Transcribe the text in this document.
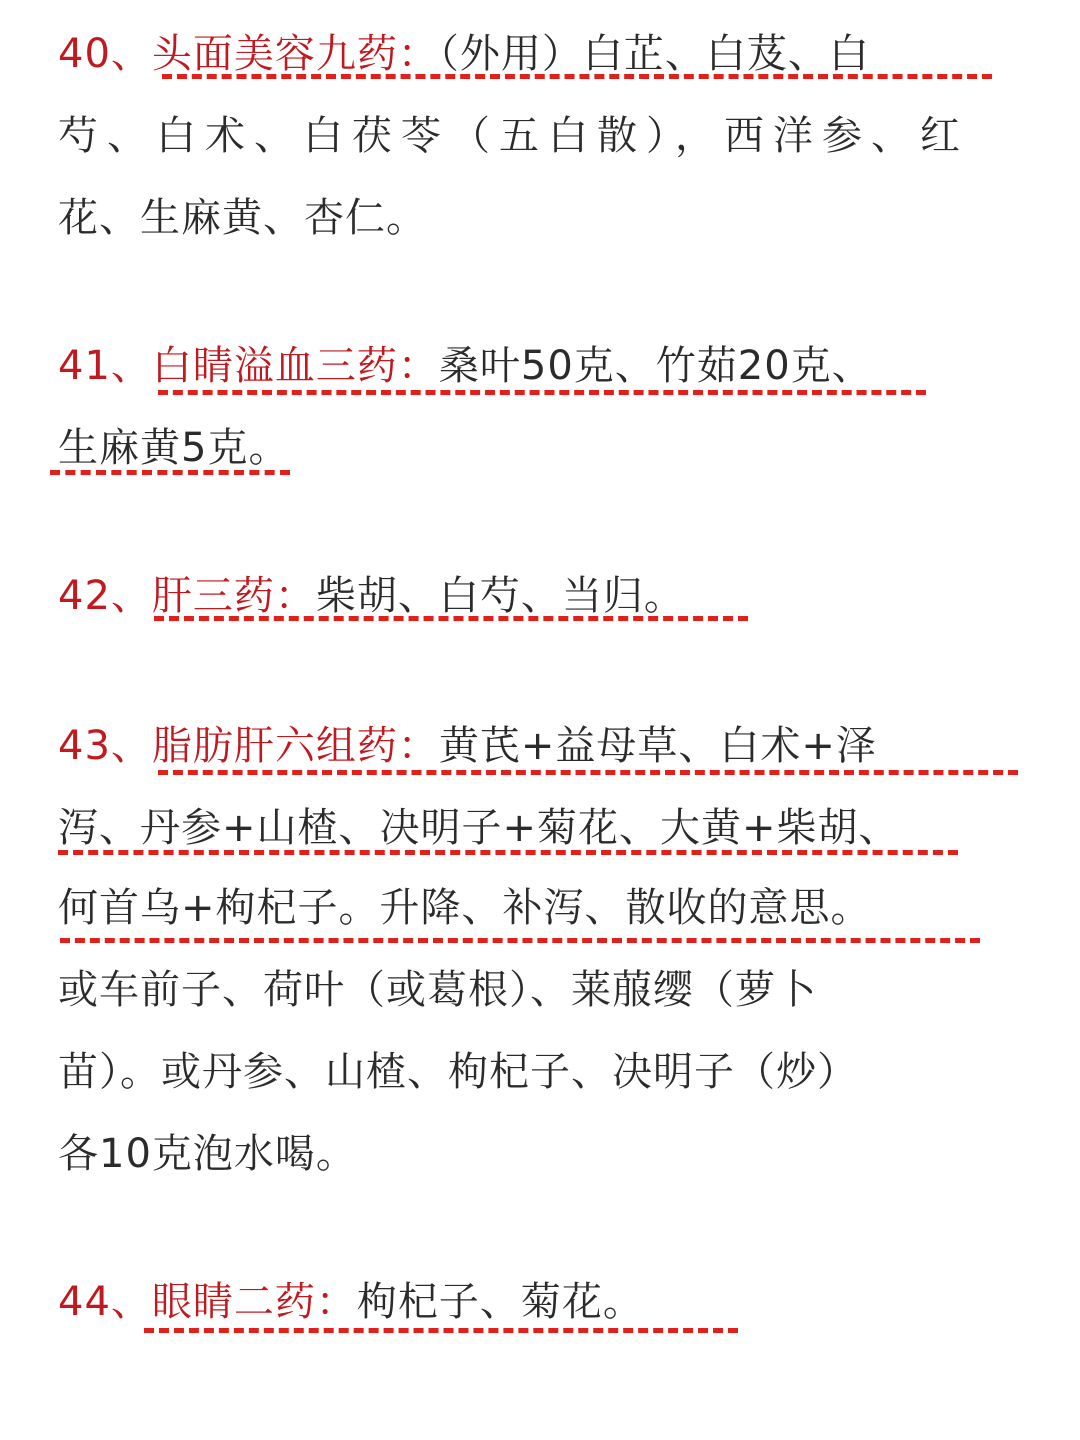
40、头面美容九药：（外用）白芷、白芨、白
芍、白术、白茯苓（五白散），西洋参、红
花、生麻黄、杏仁。
41、白睛溢血三药：桑叶50克、竹茹20克、
生麻黄5克。
42、肝三药：柴胡、白芍、当归。
43、脂肪肝六组药：黄芪+益母草、白术+泽
泻、丹参+山楂、决明子+菊花、大黄+柴胡、
何首乌+枸杞子。升降、补泻、散收的意思。
或车前子、荷叶（或葛根）、莱菔缨（萝卜
苗）。或丹参、山楂、枸杞子、决明子（炒）
各10克泡水喝。
44、眼睛二药：枸杞子、菊花。
